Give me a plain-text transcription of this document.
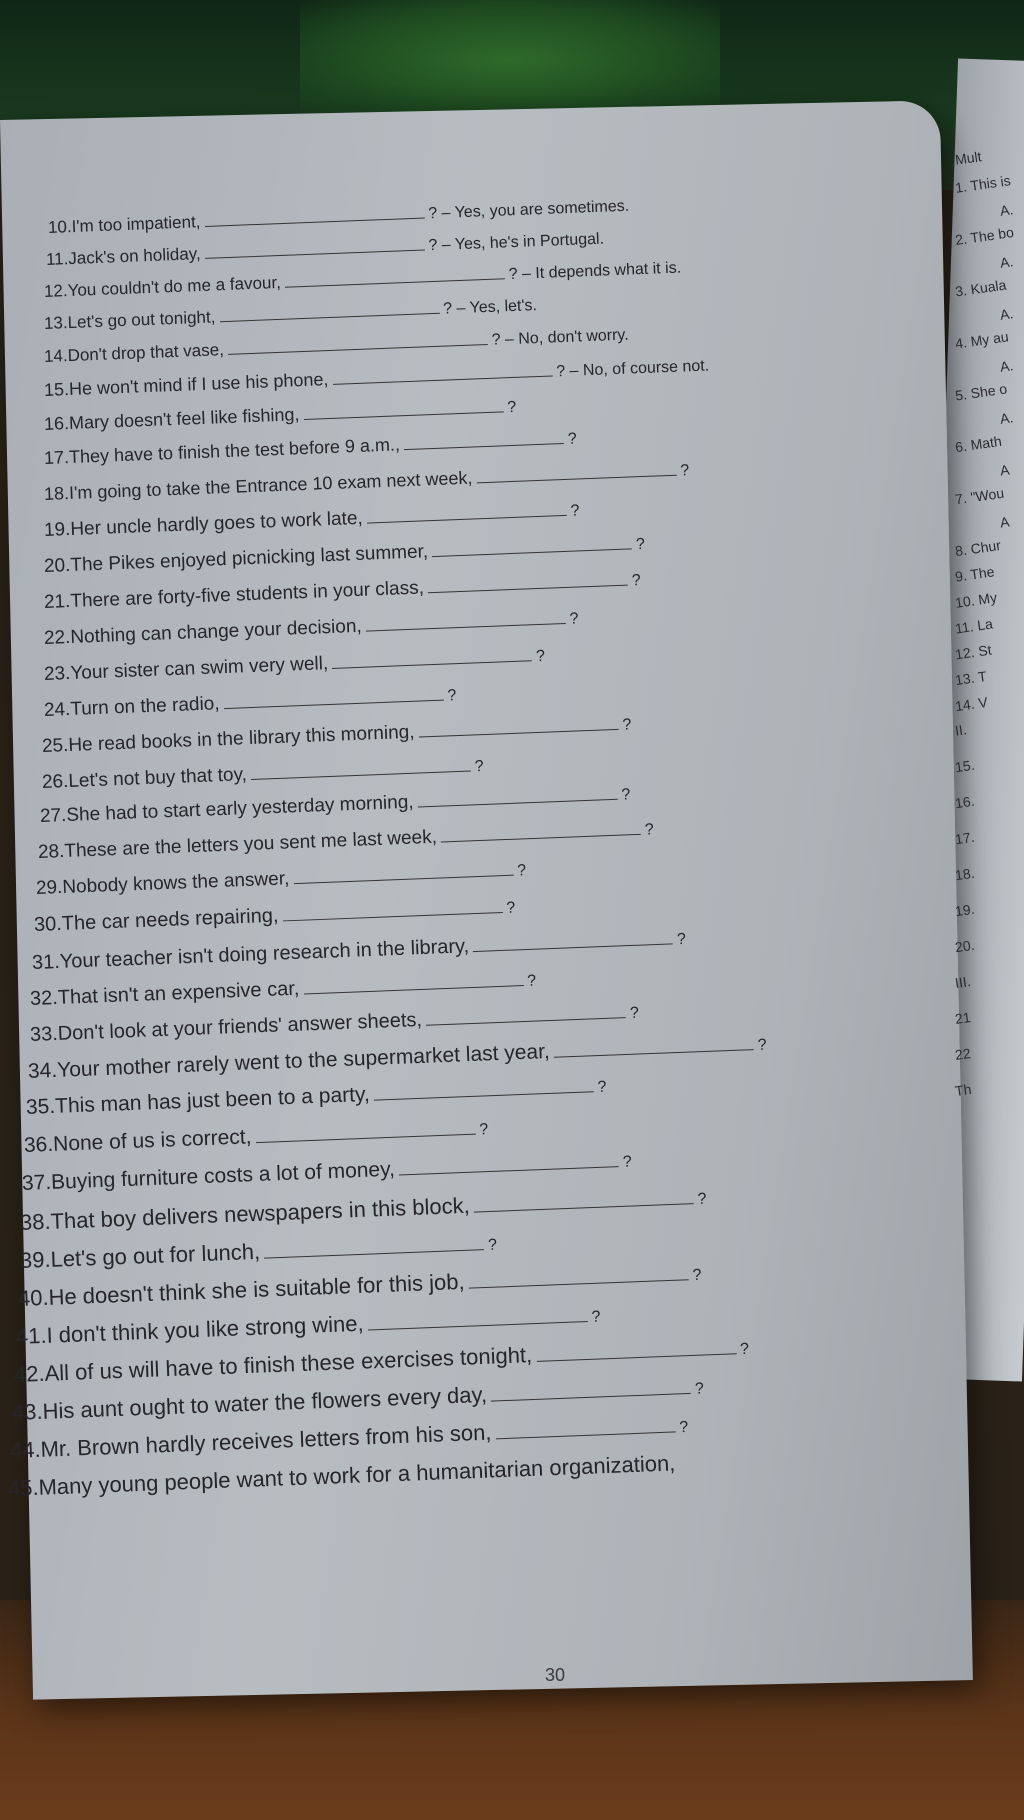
10.I'm too impatient,? – Yes, you are sometimes.
11.Jack's on holiday,? – Yes, he's in Portugal.
12.You couldn't do me a favour,? – It depends what it is.
13.Let's go out tonight,? – Yes, let's.
14.Don't drop that vase,? – No, don't worry.
15.He won't mind if I use his phone,? – No, of course not.
16.Mary doesn't feel like fishing,	?
17.They have to finish the test before 9 a.m.,	?
18.I'm going to take the Entrance 10 exam next week,	?
19.Her uncle hardly goes to work late,	?
20.The Pikes enjoyed picnicking last summer,	?
21.There are forty-five students in your class,	?
22.Nothing can change your decision,	?
23.Your sister can swim very well,	?
24.Turn on the radio,	?
25.He read books in the library this morning,	?
26.Let's not buy that toy,	?
27.She had to start early yesterday morning,	?
28.These are the letters you sent me last week,	?
29.Nobody knows the answer,	?
30.The car needs repairing,	?
31.Your teacher isn't doing research in the library,	?
32.That isn't an expensive car,	?
33.Don't look at your friends' answer sheets,	?
34.Your mother rarely went to the supermarket last year,	?
35.This man has just been to a party,	?
36.None of us is correct,	?
37.Buying furniture costs a lot of money,	?
38.That boy delivers newspapers in this block,	?
39.Let's go out for lunch,	?
40.He doesn't think she is suitable for this job,	?
41.I don't think you like strong wine,	?
42.All of us will have to finish these exercises tonight,	?
43.His aunt ought to water the flowers every day,	?
44.Mr. Brown hardly receives letters from his son,	?
45.Many young people want to work for a humanitarian organization,
Mult
1. This is
A.
2. The bo
A.
3. Kuala
A.
4. My au
A.
5. She o
A.
6. Math
A
7. "Wou
A
8. Chur
9. The
10. My
11. La
12. St
13. T
14. V
II.
15.
16.
17.
18.
19.
20.
III.
21
22
Th
30
